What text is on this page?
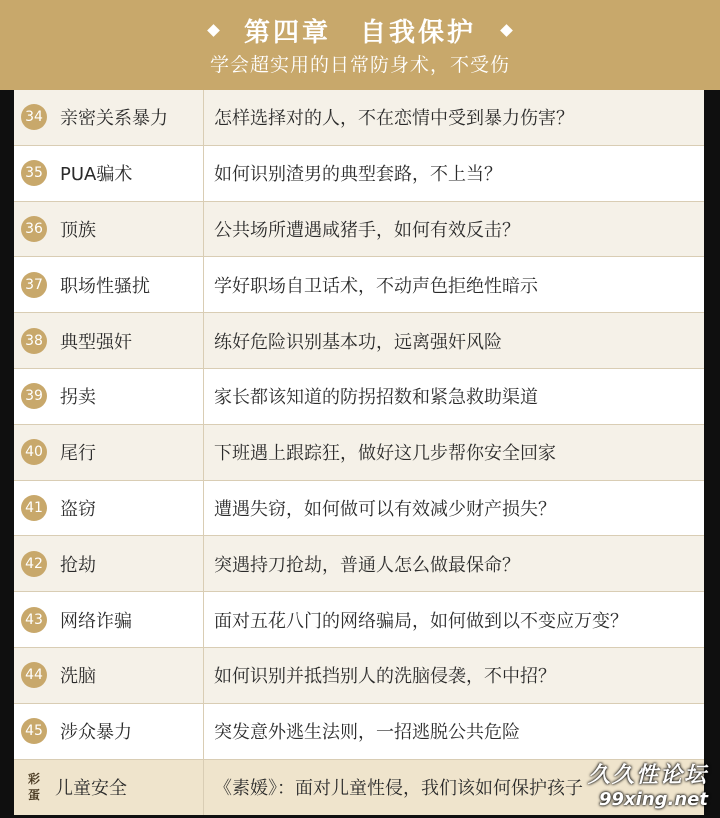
第四章　自我保护
学会超实用的日常防身术，不受伤
34 亲密关系暴力	怎样选择对的人，不在恋情中受到暴力伤害？
35 PUA骗术	如何识别渣男的典型套路，不上当？
36 顶族	公共场所遭遇咸猪手，如何有效反击？
37 职场性骚扰	学好职场自卫话术，不动声色拒绝性暗示
38 典型强奸	练好危险识别基本功，远离强奸风险
39 拐卖	家长都该知道的防拐招数和紧急救助渠道
40 尾行	下班遇上跟踪狂，做好这几步帮你安全回家
41 盗窃	遭遇失窃，如何做可以有效减少财产损失？
42 抢劫	突遇持刀抢劫，普通人怎么做最保命？
43 网络诈骗	面对五花八门的网络骗局，如何做到以不变应万变？
44 洗脑	如何识别并抵挡别人的洗脑侵袭，不中招？
45 涉众暴力	突发意外逃生法则，一招逃脱公共危险
彩蛋 儿童安全	《素媛》：面对儿童性侵，我们该如何保护孩子
久久性论坛
99xing.net
